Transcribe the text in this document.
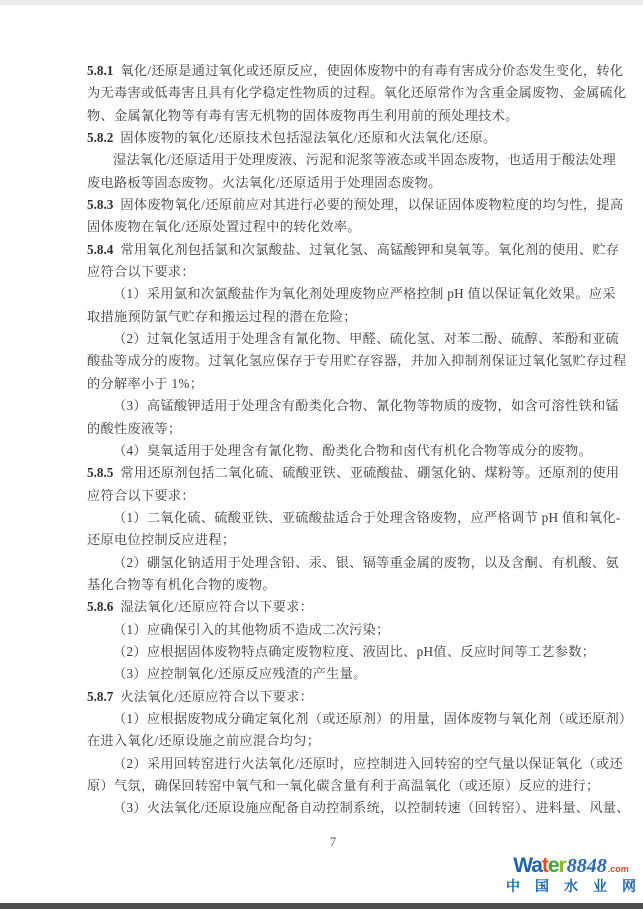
5.8.1 氧化/还原是通过氧化或还原反应，使固体废物中的有毒有害成分价态发生变化，转化
为无毒害或低毒害且具有化学稳定性物质的过程。氧化还原常作为含重金属废物、金属硫化
物、金属氰化物等有毒有害无机物的固体废物再生利用前的预处理技术。
5.8.2 固体废物的氧化/还原技术包括湿法氧化/还原和火法氧化/还原。
湿法氧化/还原适用于处理废液、污泥和泥浆等液态或半固态废物，也适用于酸法处理
废电路板等固态废物。火法氧化/还原适用于处理固态废物。
5.8.3 固体废物氧化/还原前应对其进行必要的预处理，以保证固体废物粒度的均匀性，提高
固体废物在氧化/还原处置过程中的转化效率。
5.8.4 常用氧化剂包括氯和次氯酸盐、过氧化氢、高锰酸钾和臭氧等。氧化剂的使用、贮存
应符合以下要求：
（1）采用氯和次氯酸盐作为氧化剂处理废物应严格控制 pH 值以保证氧化效果。应采
取措施预防氯气贮存和搬运过程的潜在危险；
（2）过氧化氢适用于处理含有氰化物、甲醛、硫化氢、对苯二酚、硫醇、苯酚和亚硫
酸盐等成分的废物。过氧化氢应保存于专用贮存容器，并加入抑制剂保证过氧化氢贮存过程
的分解率小于 1%；
（3）高锰酸钾适用于处理含有酚类化合物、氰化物等物质的废物，如含可溶性铁和锰
的酸性废液等；
（4）臭氧适用于处理含有氰化物、酚类化合物和卤代有机化合物等成分的废物。
5.8.5 常用还原剂包括二氧化硫、硫酸亚铁、亚硫酸盐、硼氢化钠、煤粉等。还原剂的使用
应符合以下要求：
（1）二氧化硫、硫酸亚铁、亚硫酸盐适合于处理含铬废物，应严格调节 pH 值和氧化-
还原电位控制反应进程；
（2）硼氢化钠适用于处理含铅、汞、银、镉等重金属的废物，以及含酮、有机酸、氨
基化合物等有机化合物的废物。
5.8.6 湿法氧化/还原应符合以下要求：
（1）应确保引入的其他物质不造成二次污染；
（2）应根据固体废物特点确定废物粒度、液固比、pH值、反应时间等工艺参数；
（3）应控制氧化/还原反应残渣的产生量。
5.8.7 火法氧化/还原应符合以下要求：
（1）应根据废物成分确定氧化剂（或还原剂）的用量，固体废物与氧化剂（或还原剂）
在进入氧化/还原设施之前应混合均匀；
（2）采用回转窑进行火法氧化/还原时，应控制进入回转窑的空气量以保证氧化（或还
原）气氛，确保回转窑中氧气和一氧化碳含量有利于高温氧化（或还原）反应的进行；
（3）火法氧化/还原设施应配备自动控制系统，以控制转速（回转窑）、进料量、风量、
7
Water8848.com
中 国 水 业 网
